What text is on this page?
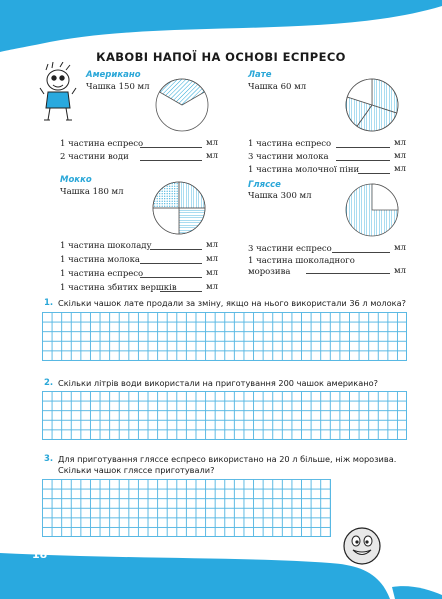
КАВОВІ НАПОЇ НА ОСНОВІ ЕСПРЕСО
Американо
Чашка 150 мл
1 частина еспресо	мл
2 частини води	мл
Лате
Чашка 60 мл
1 частина еспресо	мл
3 частини молока	мл
1 частина молочної піни	мл
Мокко
Чашка 180 мл
1 частина шоколаду	мл
1 частина молока	мл
1 частина еспресо	мл
1 частина збитих вершків	мл
Гляссе
Чашка 300 мл
3 частини еспресо	мл
1 частина шоколадного морозива	мл
1. Скільки чашок лате продали за зміну, якщо на нього використали 36 л молока?
2. Скільки літрів води використали на приготування 200 чашок американо?
3. Для приготування гляссе еспресо використано на 20 л більше, ніж морозива. Скільки чашок гляссе приготували?
18
